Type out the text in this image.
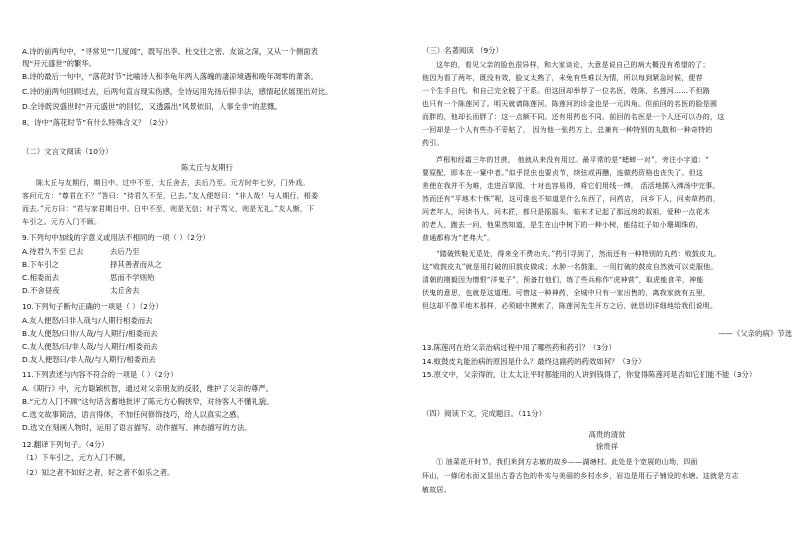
A.诗的前两句中，“寻常见”“几度闻”，既写出李、杜交往之密、友谊之深，又从一个侧面表
现“开元盛世”的繁华。
B.诗的最后一句中，“落花时节”比喻诗人和李龟年两人落魄的凄凉境遇和晚年凋零的萧条。
C.诗的前两句回顾过去，后两句直言现实伤感，全诗运用先扬后抑手法，感情起伏展现出对比。
D.全诗既说盛世时“开元盛世”的回忆，又透露出“风景依旧，人事全非”的悲慨。
8、诗中“落花时节”有什么特殊含义？（2分）
（二）文言文阅读（10分）
陈太丘与友期行
陈太丘与友期行，期日中。过中不至，太丘舍去，去后乃至。元方时年七岁，门外戏。
客问元方：“尊君在不？”答曰：“待君久不至，已去。”友人便怒曰：“非人哉！与人期行，相委
而去。”元方曰：“君与家君期日中。日中不至，则是无信；对子骂父，则是无礼。”友人惭，下
车引之。元方入门不顾。
9.下列句中加线的字意义或用法不相同的一项（ ）（2分）
A.待君久不至 已去	去后乃至
B.下车引之	择其善者而从之
C.相委而去	思而不学则殆
D.不舍昼夜	太丘舍去
10.下列句子断句正确的一项是（ ）（2分）
A.友人便怒/曰非人哉与/人期行相委而去
B.友人便怒/曰非/人哉/与人期行/相委而去
C.友人便怒/曰/非人哉/与人期行/相委而去
D.友人便怒曰/非人哉/与人期行/相委而去
11.下列表述与内容不符合的一项是（ ）（2分）
A.《期行》中，元方聪颖机智，通过对父亲朋友的反驳，维护了父亲的尊严。
B.“元方入门不顾”这句话含蓄地批评了陈元方心胸狭窄，对待客人不懂礼貌。
C.选文故事简洁，语言得体，不加任何修饰技巧，给人以真实之感。
D.选文在刻画人物时，运用了语言描写、动作描写、神态描写的方法。
12.翻译下列句子。（4分）
（1）下车引之，元方入门不顾。
（2）知之者不如好之者，好之者不如乐之者。
（三）名著阅读 （9分）
这年的，看见父亲的脸色很异样，和大家谈论，大意是说自己的病大概没有希望的了；
他因为看了两年，既没有效，脸又太熟了，未免有些难以为情，所以每到紧急时候，便荐
一个生手自代，和自己完全脱了干系。但这回却举荐了一位名医，姓陈，名莲河……不但路
也只有一个陈莲河了。明天就请陈莲河。陈莲河的诊金也是一元四角。但前回的名医的脸是圆
而胖的，他却长而胖了：这一点颇不同。还有用药也不同。前回的名医是一个人还可以办的，这
一回却是一个人有些办不妥帖了， 因为他一张药方上，总兼有一种特别的丸散和一种奇特的
药引。
芦根和经霜三年的甘蔗， 他就从来没有用过。最平常的是“蟋蟀一对”，旁注小字道：“
要原配，即本在一窠中者。”似乎昆虫也要贞节，续弦或再醮，连做药资格也丧失了。但这
差使在我并不为难，走进百草园，十对也容易得，将它们用线一缚， 活活地掷入沸汤中完事。
然而还有“平地木十株”呢，这可谁也不知道是什么东西了，问药店， 问乡下人，问卖草药的，
问老年人，问读书人，问木匠，都只是摇摇头，临末才记起了那远房的叔祖，爱种一点花木
的老人，跑去一问，他果然知道，是生在山中树下的一种小树，能结红子如小珊瑚珠的，
普通都称为“老弗大”。
“踏破铁鞋无觅处，得来全不费功夫。”药引寻到了，然而还有一种特别的丸药：败鼓皮丸。
这“败鼓皮丸”就是用打破的旧鼓皮做成；水肿一名鼓胀，一用打破的鼓皮自然就可以克服他。
清朝的刚毅因为憎恨“洋鬼子”，预备打他们，练了些兵称作“虎神营”，取虎能食羊，神能
伏鬼的意思，也就是这道理。可惜这一种神药，全城中只有一家出售的，离我家就有五里，
但这却不像平地木那样，必须暗中摸索了，陈莲河先生开方之后，就恳切详细地给我们说明。
——《父亲的病》节选
13.陈莲河在给父亲治病过程中用了哪些药和药引？（3分）
14.败鼓皮丸能治病的原因是什么？最终这副药的药效如何？（3分）
15.原文中，父亲得的，让太太让平时都能用的人讲到钱得了，你觉得陈莲河是否如它们能不能（3分）
（四）阅读下文，完成题目。（11分）
高贵的清贫
徐贵祥
① 油菜花开时节，我们来到方志敏的故乡——湖塘村。此处是个宽展的山坳，四面
环山，一條闭水而又显出古香古色的朴实与美丽的乡村水乡，岩边是用石子铺设的水塘。这就是方志
敏故居。
